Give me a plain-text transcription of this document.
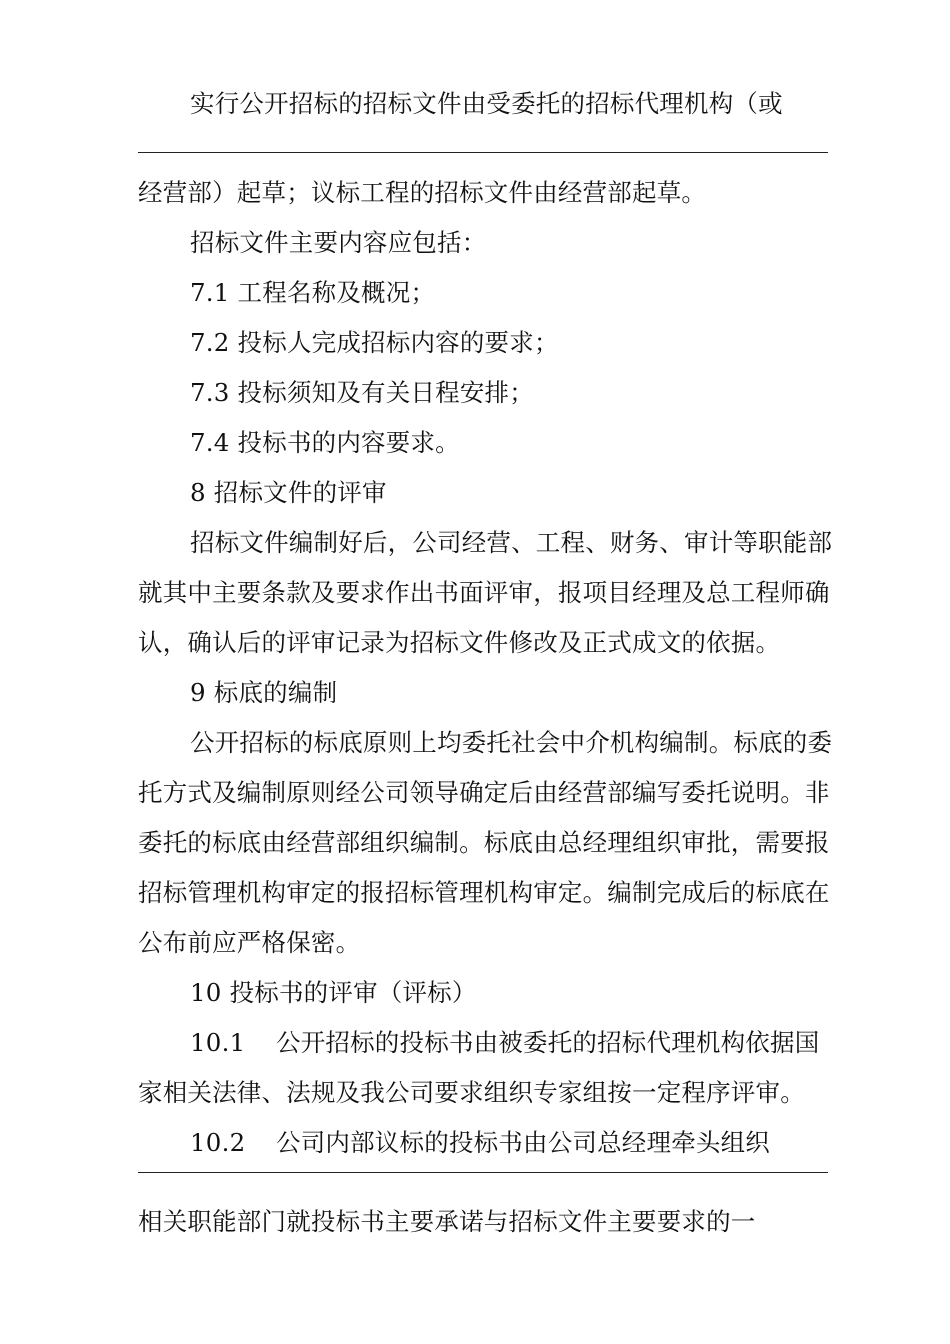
实行公开招标的招标文件由受委托的招标代理机构（或
经营部）起草；议标工程的招标文件由经营部起草。
招标文件主要内容应包括：
7.1 工程名称及概况；
7.2 投标人完成招标内容的要求；
7.3 投标须知及有关日程安排；
7.4 投标书的内容要求。
8 招标文件的评审
招标文件编制好后，公司经营、工程、财务、审计等职能部
就其中主要条款及要求作出书面评审，报项目经理及总工程师确
认，确认后的评审记录为招标文件修改及正式成文的依据。
9 标底的编制
公开招标的标底原则上均委托社会中介机构编制。标底的委
托方式及编制原则经公司领导确定后由经营部编写委托说明。非
委托的标底由经营部组织编制。标底由总经理组织审批，需要报
招标管理机构审定的报招标管理机构审定。编制完成后的标底在
公布前应严格保密。
10 投标书的评审（评标）
10.1 公开招标的投标书由被委托的招标代理机构依据国
家相关法律、法规及我公司要求组织专家组按一定程序评审。
10.2 公司内部议标的投标书由公司总经理牵头组织
相关职能部门就投标书主要承诺与招标文件主要要求的一
